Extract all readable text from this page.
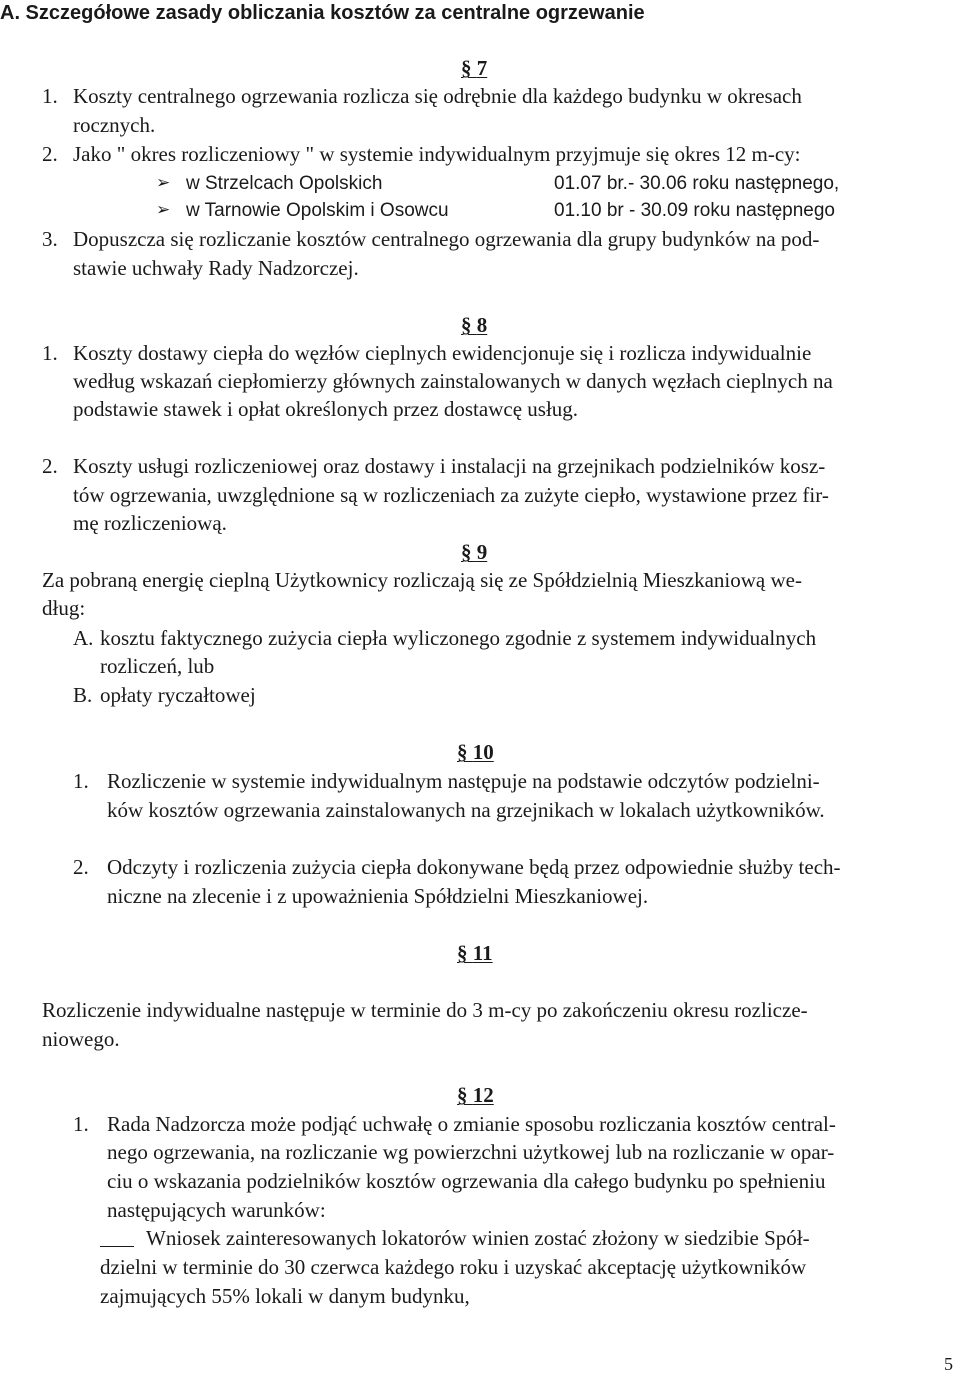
A. Szczegółowe zasady obliczania kosztów za centralne ogrzewanie
§ 7
1. Koszty centralnego ogrzewania rozlicza się odrębnie dla każdego budynku w okresach
rocznych.
2. Jako " okres rozliczeniowy " w systemie indywidualnym przyjmuje się okres 12 m-cy:
➢ w Strzelcach Opolskich	01.07 br.- 30.06 roku następnego,
➢ w Tarnowie Opolskim i Osowcu	01.10 br - 30.09 roku następnego
3. Dopuszcza się rozliczanie kosztów centralnego ogrzewania dla grupy budynków na pod-
stawie uchwały Rady Nadzorczej.
§ 8
1. Koszty dostawy ciepła do węzłów cieplnych ewidencjonuje się i rozlicza indywidualnie
według wskazań ciepłomierzy głównych zainstalowanych w danych węzłach cieplnych na
podstawie stawek i opłat określonych przez dostawcę usług.
2. Koszty usługi rozliczeniowej oraz dostawy i instalacji na grzejnikach podzielników kosz-
tów ogrzewania, uwzględnione są w rozliczeniach za zużyte ciepło, wystawione przez fir-
mę rozliczeniową.
§ 9
Za pobraną energię cieplną Użytkownicy rozliczają się ze Spółdzielnią Mieszkaniową we-
dług:
A. kosztu faktycznego zużycia ciepła wyliczonego zgodnie z systemem indywidualnych
rozliczeń, lub
B. opłaty ryczałtowej
§ 10
1. Rozliczenie w systemie indywidualnym następuje na podstawie odczytów podzielni-
ków kosztów ogrzewania zainstalowanych na grzejnikach w lokalach użytkowników.
2. Odczyty i rozliczenia zużycia ciepła dokonywane będą przez odpowiednie służby tech-
niczne na zlecenie i z upoważnienia Spółdzielni Mieszkaniowej.
§ 11
Rozliczenie indywidualne następuje w terminie do 3 m-cy po zakończeniu okresu rozlicze-
niowego.
§ 12
1. Rada Nadzorcza może podjąć uchwałę o zmianie sposobu rozliczania kosztów central-
nego ogrzewania, na rozliczanie wg powierzchni użytkowej lub na rozliczanie w opar-
ciu o wskazania podzielników kosztów ogrzewania dla całego budynku po spełnieniu
następujących warunków:
Wniosek zainteresowanych lokatorów winien zostać złożony w siedzibie Spół-
dzielni w terminie do 30 czerwca każdego roku i uzyskać akceptację użytkowników
zajmujących 55% lokali w danym budynku,
5
